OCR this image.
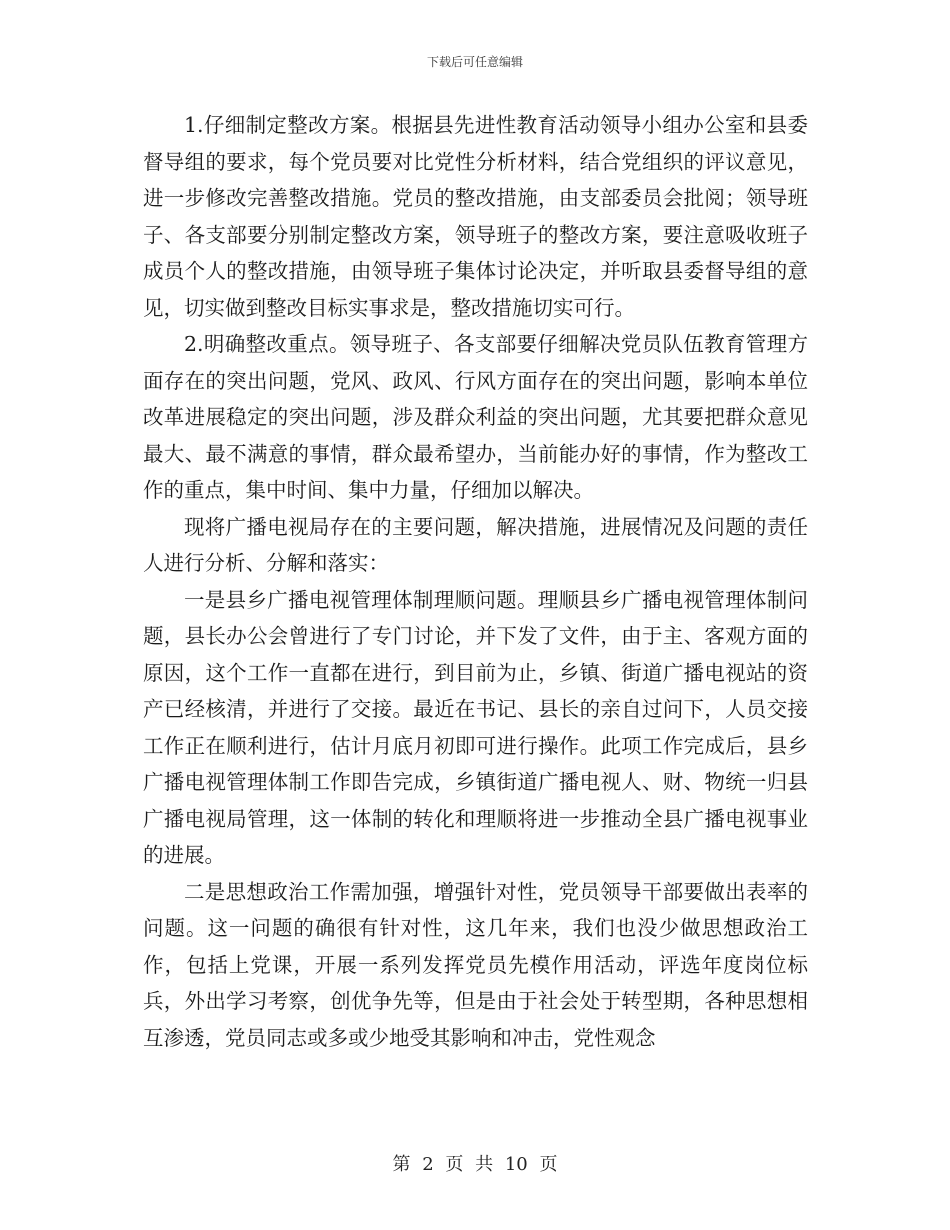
下载后可任意编辑

1.仔细制定整改方案。根据县先进性教育活动领导小组办公室和县委督导组的要求，每个党员要对比党性分析材料，结合党组织的评议意见，进一步修改完善整改措施。党员的整改措施，由支部委员会批阅；领导班子、各支部要分别制定整改方案，领导班子的整改方案，要注意吸收班子成员个人的整改措施，由领导班子集体讨论决定，并听取县委督导组的意见，切实做到整改目标实事求是，整改措施切实可行。

2.明确整改重点。领导班子、各支部要仔细解决党员队伍教育管理方面存在的突出问题，党风、政风、行风方面存在的突出问题，影响本单位改革进展稳定的突出问题，涉及群众利益的突出问题，尤其要把群众意见最大、最不满意的事情，群众最希望办，当前能办好的事情，作为整改工作的重点，集中时间、集中力量，仔细加以解决。

现将广播电视局存在的主要问题，解决措施，进展情况及问题的责任人进行分析、分解和落实：

一是县乡广播电视管理体制理顺问题。理顺县乡广播电视管理体制问题，县长办公会曾进行了专门讨论，并下发了文件，由于主、客观方面的原因，这个工作一直都在进行，到目前为止，乡镇、街道广播电视站的资产已经核清，并进行了交接。最近在书记、县长的亲自过问下，人员交接工作正在顺利进行，估计月底月初即可进行操作。此项工作完成后，县乡广播电视管理体制工作即告完成，乡镇街道广播电视人、财、物统一归县广播电视局管理，这一体制的转化和理顺将进一步推动全县广播电视事业的进展。

二是思想政治工作需加强，增强针对性，党员领导干部要做出表率的问题。这一问题的确很有针对性，这几年来，我们也没少做思想政治工作，包括上党课，开展一系列发挥党员先模作用活动，评选年度岗位标兵，外出学习考察，创优争先等，但是由于社会处于转型期，各种思想相互渗透，党员同志或多或少地受其影响和冲击，党性观念

第 2 页 共 10 页
